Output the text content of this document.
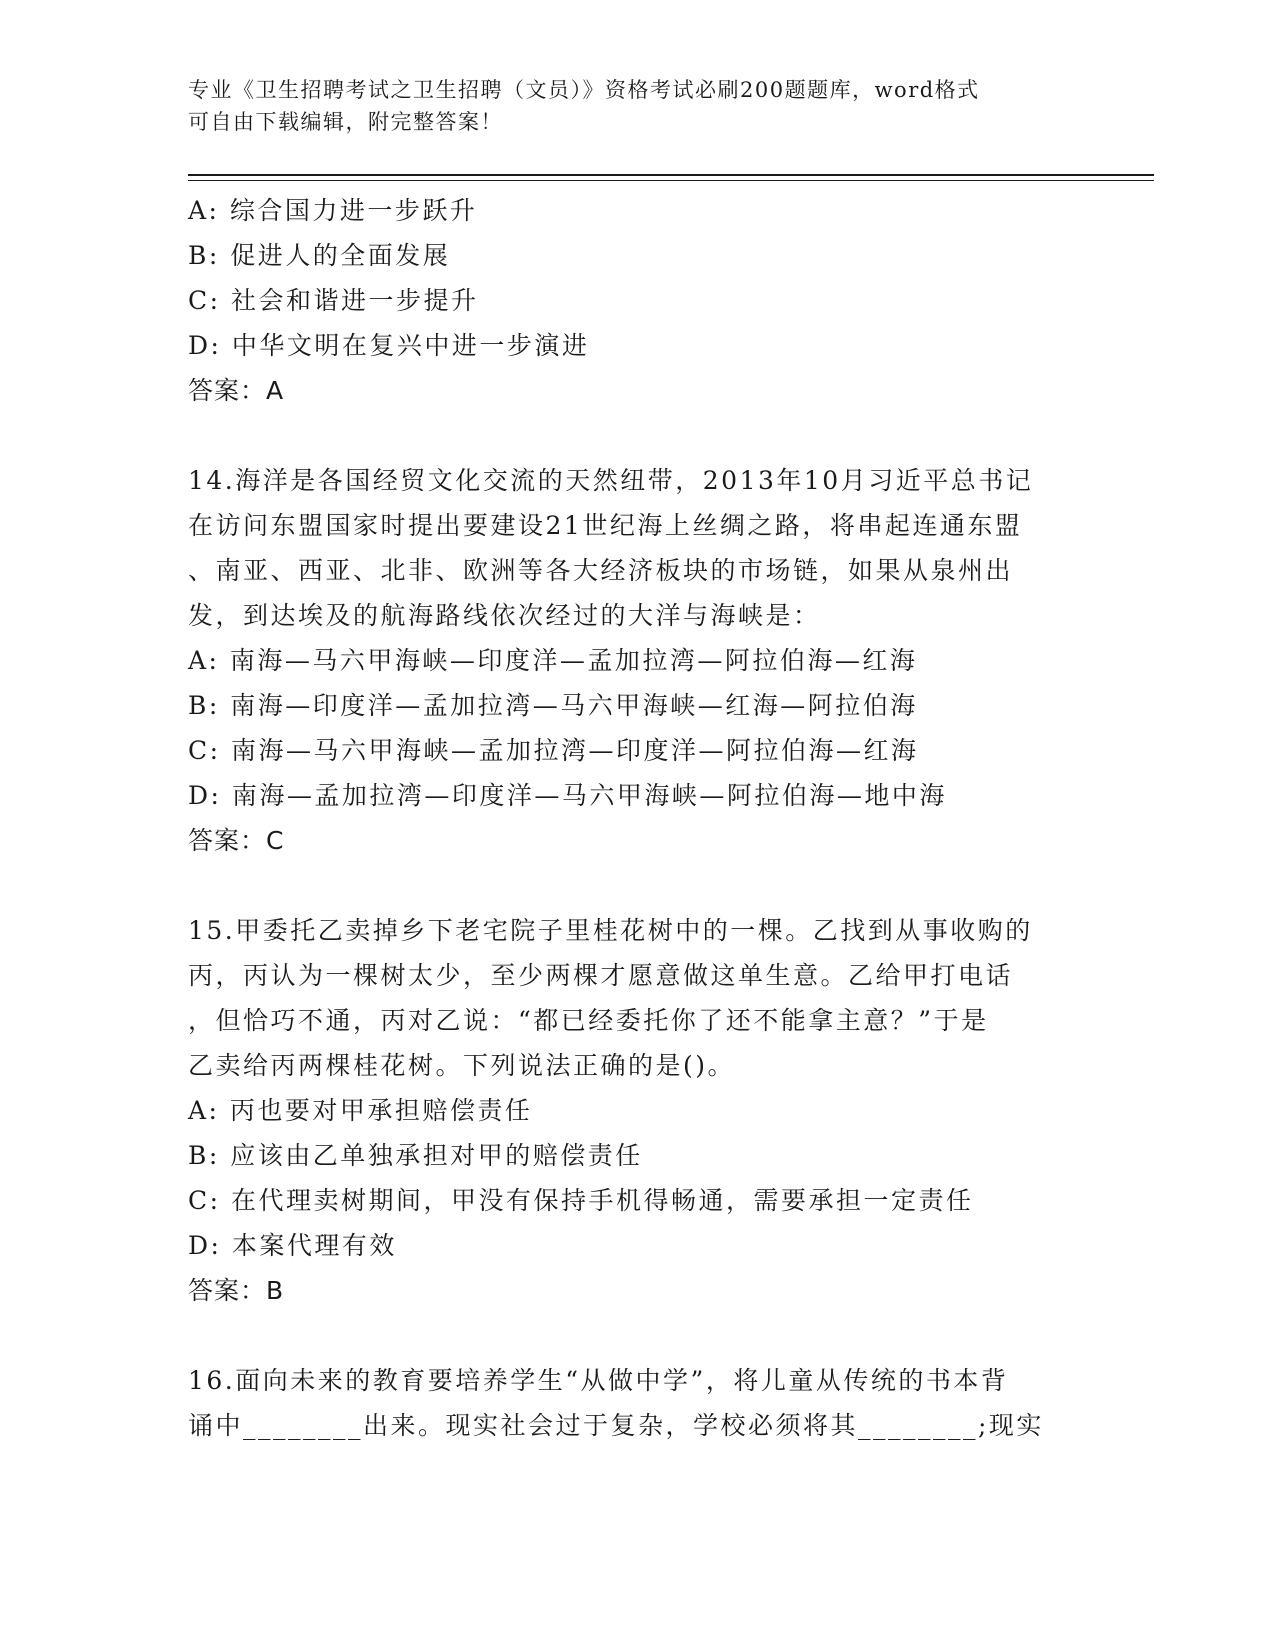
专业《卫生招聘考试之卫生招聘（文员）》资格考试必刷200题题库，word格式
可自由下载编辑，附完整答案！
A: 综合国力进一步跃升
B: 促进人的全面发展
C: 社会和谐进一步提升
D: 中华文明在复兴中进一步演进
答案：A
14.海洋是各国经贸文化交流的天然纽带，2013年10月习近平总书记
在访问东盟国家时提出要建设21世纪海上丝绸之路，将串起连通东盟
、南亚、西亚、北非、欧洲等各大经济板块的市场链，如果从泉州出
发，到达埃及的航海路线依次经过的大洋与海峡是：
A: 南海—马六甲海峡—印度洋—孟加拉湾—阿拉伯海—红海
B: 南海—印度洋—孟加拉湾—马六甲海峡—红海—阿拉伯海
C: 南海—马六甲海峡—孟加拉湾—印度洋—阿拉伯海—红海
D: 南海—孟加拉湾—印度洋—马六甲海峡—阿拉伯海—地中海
答案：C
15.甲委托乙卖掉乡下老宅院子里桂花树中的一棵。乙找到从事收购的
丙，丙认为一棵树太少，至少两棵才愿意做这单生意。乙给甲打电话
，但恰巧不通，丙对乙说：“都已经委托你了还不能拿主意？”于是
乙卖给丙两棵桂花树。下列说法正确的是()。
A: 丙也要对甲承担赔偿责任
B: 应该由乙单独承担对甲的赔偿责任
C: 在代理卖树期间，甲没有保持手机得畅通，需要承担一定责任
D: 本案代理有效
答案：B
16.面向未来的教育要培养学生“从做中学”，将儿童从传统的书本背
诵中________出来。现实社会过于复杂，学校必须将其________;现实
